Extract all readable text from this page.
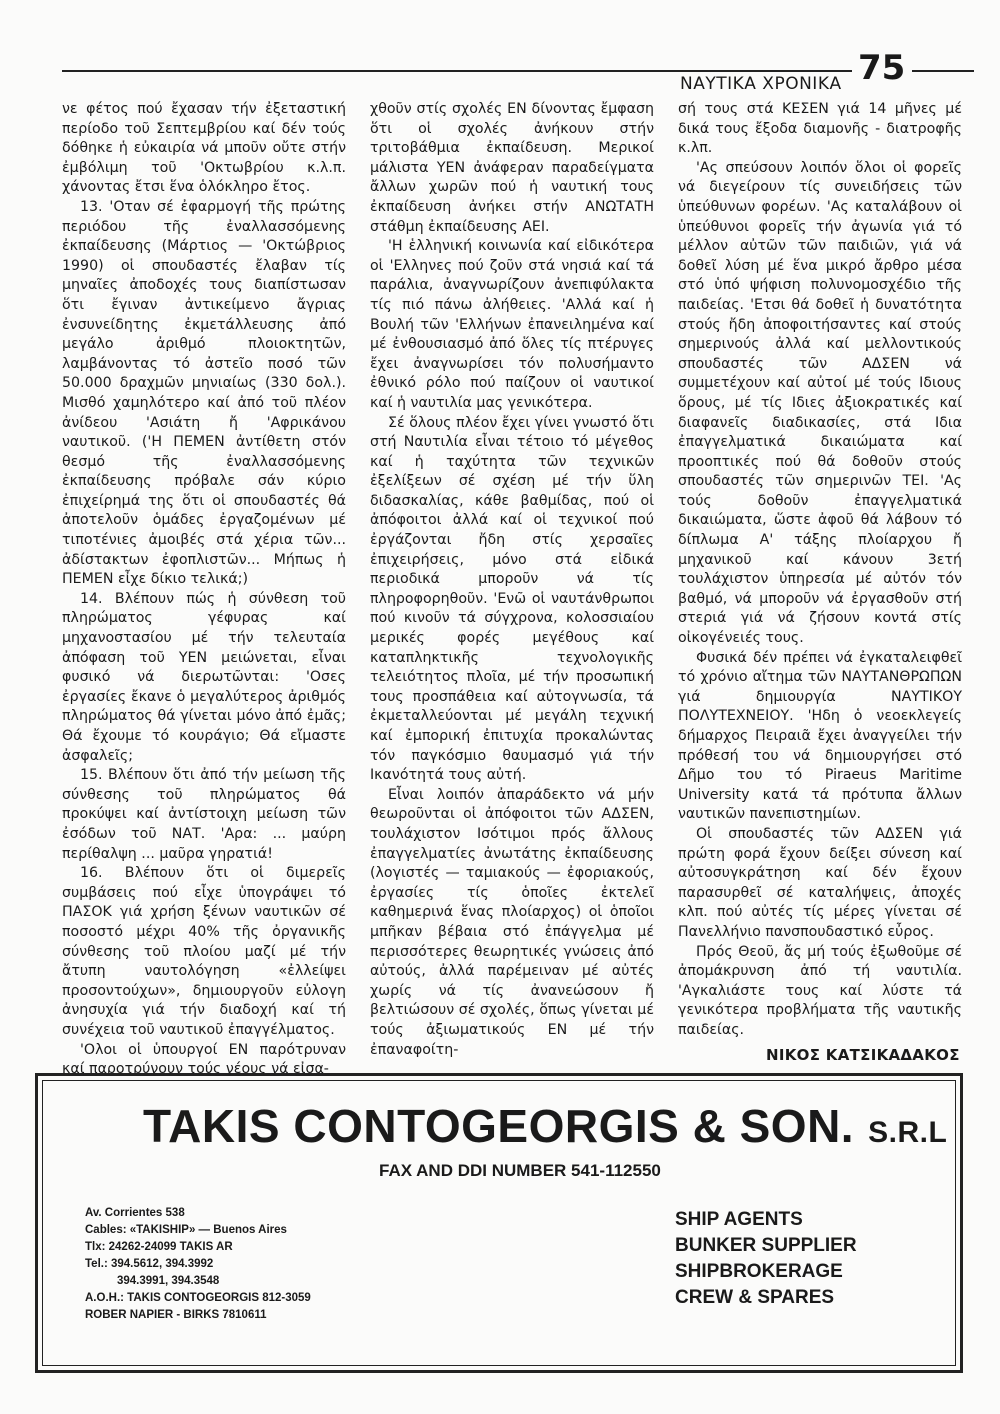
ΝΑΥΤΙΚΑ ΧΡΟΝΙΚΑ 75

νε φέτος πού ἔχασαν τήν ἐξεταστική περίοδο τοῦ Σεπτεμβρίου καί δέν τούς δόθηκε ἡ εὐκαιρία νά μποῦν οὔτε στήν ἐμβόλιμη τοῦ 'Οκτωβρίου κ.λ.π. χάνοντας ἔτσι ἕνα ὁλόκληρο ἔτος.

13. 'Οταν σέ ἐφαρμογή τῆς πρώτης περιόδου τῆς ἐναλλασσόμενης ἐκπαίδευσης (Μάρτιος — 'Οκτώβριος 1990) οἱ σπουδαστές ἔλαβαν τίς μηναῖες ἀποδοχές τους διαπίστωσαν ὅτι ἔγιναν ἀντικείμενο ἄγριας ἐνσυνείδητης ἐκμετάλλευσης ἀπό μεγάλο ἀριθμό πλοιοκτητῶν, λαμβάνοντας τό ἀστεῖο ποσό τῶν 50.000 δραχμῶν μηνιαίως (330 δολ.). Μισθό χαμηλότερο καί ἀπό τοῦ πλέον ἀνίδεου 'Ασιάτη ἤ 'Αφρικάνου ναυτικοῦ. ('Η ΠΕΜΕΝ ἀντίθετη στόν θεσμό τῆς ἐναλλασσόμενης ἐκπαίδευσης πρόβαλε σάν κύριο ἐπιχείρημά της ὅτι οἱ σπουδαστές θά ἀποτελοῦν ὁμάδες ἐργαζομένων μέ τιποτένιες ἀμοιβές στά χέρια τῶν... ἀδίστακτων ἐφοπλιστῶν... Μήπως ἡ ΠΕΜΕΝ εἶχε δίκιο τελικά;)

14. Βλέπουν πώς ἡ σύνθεση τοῦ πληρώματος γέφυρας καί μηχανοστασίου μέ τήν τελευταία ἀπόφαση τοῦ ΥΕΝ μειώνεται, εἶναι φυσικό νά διερωτῶνται: 'Οσες ἐργασίες ἔκανε ὁ μεγαλύτερος ἀριθμός πληρώματος θά γίνεται μόνο ἀπό ἐμᾶς; Θά ἔχουμε τό κουράγιο; Θά εἴμαστε ἀσφαλεῖς;

15. Βλέπουν ὅτι ἀπό τήν μείωση τῆς σύνθεσης τοῦ πληρώματος θά προκύψει καί ἀντίστοιχη μείωση τῶν ἐσόδων τοῦ ΝΑΤ. 'Αρα: ... μαύρη περίθαλψη ... μαῦρα γηρατιά!

16. Βλέπουν ὅτι οἱ διμερεῖς συμβάσεις πού εἶχε ὑπογράψει τό ΠΑΣΟΚ γιά χρήση ξένων ναυτικῶν σέ ποσοστό μέχρι 40% τῆς ὀργανικῆς σύνθεσης τοῦ πλοίου μαζί μέ τήν ἄτυπη ναυτολόγηση «ἐλλείψει προσοντούχων», δημιουργοῦν εὐλογη ἀνησυχία γιά τήν διαδοχή καί τή συνέχεια τοῦ ναυτικοῦ ἐπαγγέλματος.

'Ολοι οἱ ὑπουργοί ΕΝ παρότρυναν καί παροτρύνουν τούς νέους νά εἰσα-

χθοῦν στίς σχολές ΕΝ δίνοντας ἔμφαση ὅτι οἱ σχολές ἀνήκουν στήν τριτοβάθμια ἐκπαίδευση. Μερικοί μάλιστα ΥΕΝ ἀνάφεραν παραδείγματα ἄλλων χωρῶν πού ἡ ναυτική τους ἐκπαίδευση ἀνήκει στήν ΑΝΩΤΑΤΗ στάθμη ἐκπαίδευσης ΑΕΙ.

'Η ἑλληνική κοινωνία καί εἰδικότερα οἱ 'Ελληνες πού ζοῦν στά νησιά καί τά παράλια, ἀναγνωρίζουν ἀνεπιφύλακτα τίς πιό πάνω ἀλήθειες. 'Αλλά καί ἡ Βουλή τῶν 'Ελλήνων ἐπανειλημένα καί μέ ἐνθουσιασμό ἀπό ὅλες τίς πτέρυγες ἔχει ἀναγνωρίσει τόν πολυσήμαντο ἐθνικό ρόλο πού παίζουν οἱ ναυτικοί καί ἡ ναυτιλία μας γενικότερα.

Σέ ὅλους πλέον ἔχει γίνει γνωστό ὅτι στή Ναυτιλία εἶναι τέτοιο τό μέγεθος καί ἡ ταχύτητα τῶν τεχνικῶν ἐξελίξεων σέ σχέση μέ τήν ὕλη διδασκαλίας, κάθε βαθμίδας, πού οἱ ἀπόφοιτοι ἀλλά καί οἱ τεχνικοί πού ἐργάζονται ἤδη στίς χερσαῖες ἐπιχειρήσεις, μόνο στά εἰδικά περιοδικά μποροῦν νά τίς πληροφορηθοῦν. 'Ενῶ οἱ ναυτάνθρωποι πού κινοῦν τά σύγχρονα, κολοσσιαίου μερικές φορές μεγέθους καί καταπληκτικῆς τεχνολογικῆς τελειότητος πλοῖα, μέ τήν προσωπική τους προσπάθεια καί αὐτογνωσία, τά ἐκμεταλλεύονται μέ μεγάλη τεχνική καί ἐμπορική ἐπιτυχία προκαλώντας τόν παγκόσμιο θαυμασμό γιά τήν Ικανότητά τους αὐτή.

Εἶναι λοιπόν ἀπαράδεκτο νά μήν θεωροῦνται οἱ ἀπόφοιτοι τῶν ΑΔΣΕΝ, τουλάχιστον Ισότιμοι πρός ἄλλους ἐπαγγελματίες ἀνωτάτης ἐκπαίδευσης (λογιστές — ταμιακούς — ἐφοριακούς, ἐργασίες τίς ὁποῖες ἐκτελεῖ καθημερινά ἕνας πλοίαρχος) οἱ ὁποῖοι μπῆκαν βέβαια στό ἐπάγγελμα μέ περισσότερες θεωρητικές γνώσεις ἀπό αὐτούς, ἀλλά παρέμειναν μέ αὐτές χωρίς νά τίς ἀνανεώσουν ἤ βελτιώσουν σέ σχολές, ὅπως γίνεται μέ τούς ἀξιωματικούς ΕΝ μέ τήν ἐπαναφοίτη-

σή τους στά ΚΕΣΕΝ γιά 14 μῆνες μέ δικά τους ἔξοδα διαμονῆς - διατροφῆς κ.λπ.

'Ας σπεύσουν λοιπόν ὅλοι οἱ φορεῖς νά διεγείρουν τίς συνειδήσεις τῶν ὑπεύθυνων φορέων. 'Ας καταλάβουν οἱ ὑπεύθυνοι φορεῖς τήν ἀγωνία γιά τό μέλλον αὐτῶν τῶν παιδιῶν, γιά νά δοθεῖ λύση μέ ἕνα μικρό ἄρθρο μέσα στό ὑπό ψήφιση πολυνομοσχέδιο τῆς παιδείας. 'Ετσι θά δοθεῖ ἡ δυνατότητα στούς ἤδη ἀποφοιτήσαντες καί στούς σημερινούς ἀλλά καί μελλοντικούς σπουδαστές τῶν ΑΔΣΕΝ νά συμμετέχουν καί αὐτοί μέ τούς Ιδιους ὅρους, μέ τίς Ιδιες ἀξιοκρατικές καί διαφανεῖς διαδικασίες, στά Ιδια ἐπαγγελματικά δικαιώματα καί προοπτικές πού θά δοθοῦν στούς σπουδαστές τῶν σημερινῶν ΤΕΙ. 'Ας τούς δοθοῦν ἐπαγγελματικά δικαιώματα, ὥστε ἀφοῦ θά λάβουν τό δίπλωμα Α' τάξης πλοίαρχου ἤ μηχανικοῦ καί κάνουν 3ετή τουλάχιστον ὑπηρεσία μέ αὐτόν τόν βαθμό, νά μποροῦν νά ἐργασθοῦν στή στεριά γιά νά ζήσουν κοντά στίς οἰκογένειές τους.

Φυσικά δέν πρέπει νά ἐγκαταλειφθεῖ τό χρόνιο αἴτημα τῶν ΝΑΥΤΑΝΘΡΩΠΩΝ γιά δημιουργία ΝΑΥΤΙΚΟΥ ΠΟΛΥΤΕΧΝΕΙΟΥ. 'Ηδη ὁ νεοεκλεγείς δήμαρχος Πειραιᾶ ἔχει ἀναγγείλει τήν πρόθεσή του νά δημιουργήσει στό Δῆμο του τό Piraeus Maritime University κατά τά πρότυπα ἄλλων ναυτικῶν πανεπιστημίων.

Οἱ σπουδαστές τῶν ΑΔΣΕΝ γιά πρώτη φορά ἔχουν δείξει σύνεση καί αὐτοσυγκράτηση καί δέν ἔχουν παρασυρθεῖ σέ καταλήψεις, ἀποχές κλπ. πού αὐτές τίς μέρες γίνεται σέ Πανελλήνιο πανσπουδαστικό εὖρος.

Πρός Θεοῦ, ἄς μή τούς ἐξωθοῦμε σέ ἀπομάκρυνση ἀπό τή ναυτιλία. 'Αγκαλιάστε τους καί λύστε τά γενικότερα προβλήματα τῆς ναυτικῆς παιδείας.

ΝΙΚΟΣ ΚΑΤΣΙΚΑΔΑΚΟΣ
TAKIS CONTOGEORGIS & SON. S.R.L
FAX AND DDI NUMBER 541-112550
Av. Corrientes 538
Cables: «TAKISHIP» — Buenos Aires
Tlx: 24262-24099 TAKIS AR
Tel.: 394.5612, 394.3992
394.3991, 394.3548
A.O.H.: TAKIS CONTOGEORGIS 812-3059
ROBER NAPIER - BIRKS 7810611
SHIP AGENTS
BUNKER SUPPLIER
SHIPBROKERAGE
CREW & SPARES
